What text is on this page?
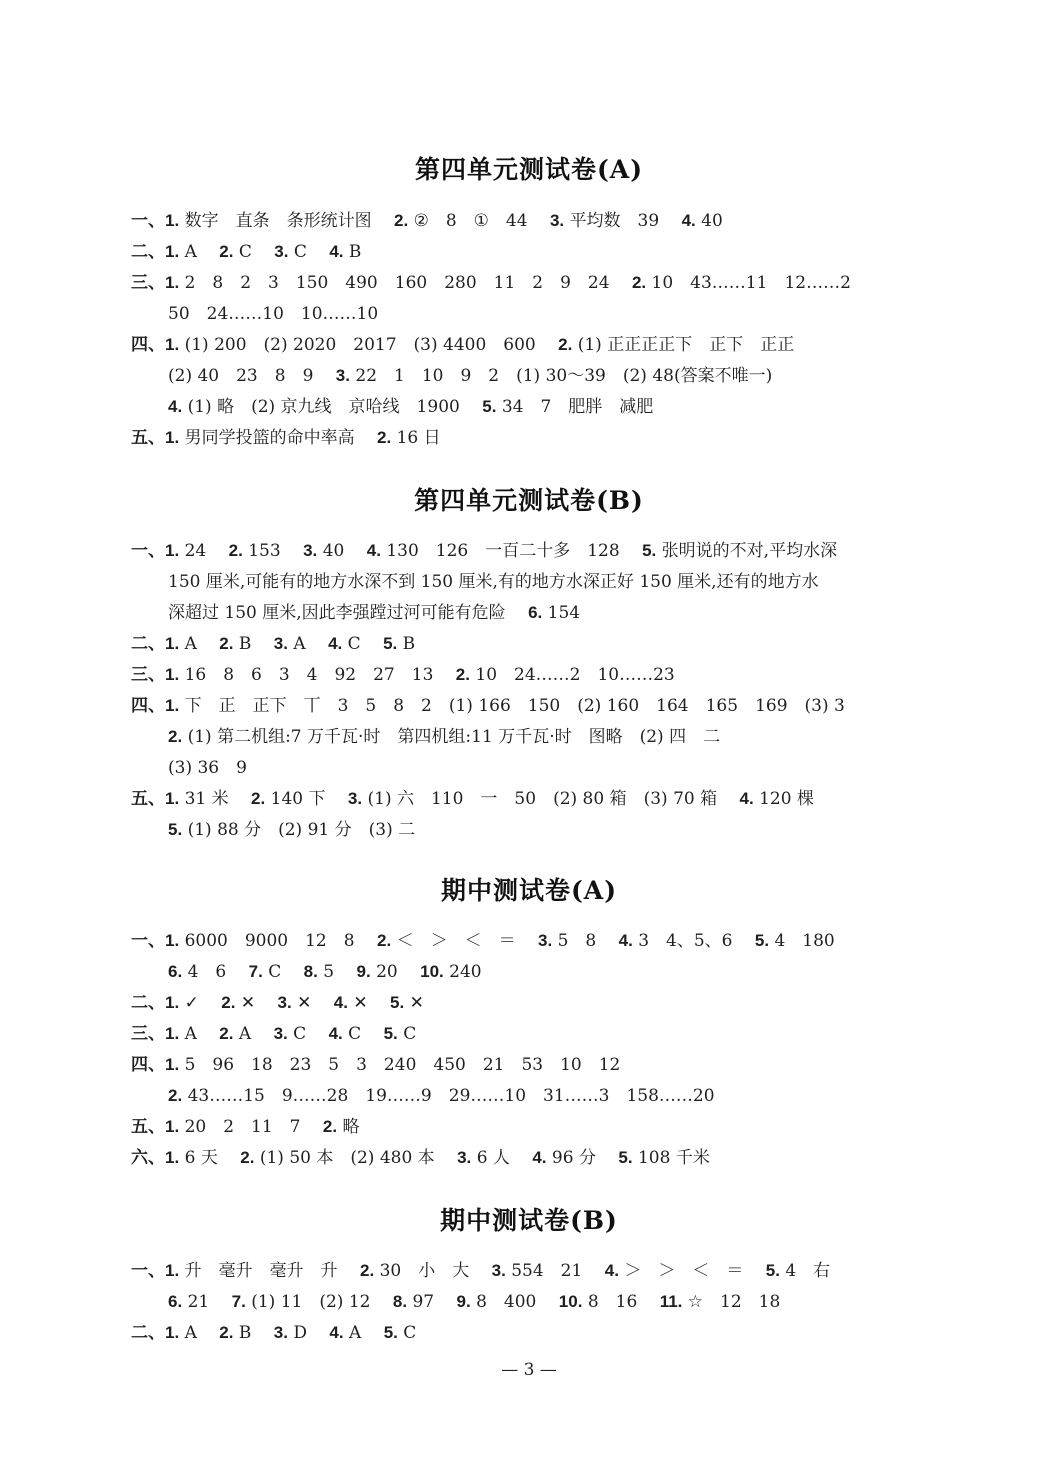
第四单元测试卷(A)
一、1. 数字　直条　条形统计图　 2. ②　8　①　44　 3. 平均数　39　 4. 40
二、1. A　 2. C　 3. C　 4. B
三、1. 2　8　2　3　150　490　160　280　11　2　9　24　 2. 10　43……11　12……2
50　24……10　10……10
四、1. (1) 200　(2) 2020　2017　(3) 4400　600　 2. (1) 正正正正下　正下　正正
(2) 40　23　8　9　 3. 22　1　10　9　2　(1) 30～39　(2) 48(答案不唯一)
4. (1) 略　(2) 京九线　京哈线　1900　 5. 34　7　肥胖　减肥
五、1. 男同学投篮的命中率高　 2. 16 日
第四单元测试卷(B)
一、1. 24　 2. 153　 3. 40　 4. 130　126　一百二十多　128　 5. 张明说的不对,平均水深
150 厘米,可能有的地方水深不到 150 厘米,有的地方水深正好 150 厘米,还有的地方水
深超过 150 厘米,因此李强蹚过河可能有危险　 6. 154
二、1. A　 2. B　 3. A　 4. C　 5. B
三、1. 16　8　6　3　4　92　27　13　 2. 10　24……2　10……23
四、1. 下　正　正下　丅　3　5　8　2　(1) 166　150　(2) 160　164　165　169　(3) 3
2. (1) 第二机组:7 万千瓦·时　第四机组:11 万千瓦·时　图略　(2) 四　二
(3) 36　9
五、1. 31 米　 2. 140 下　 3. (1) 六　110　一　50　(2) 80 箱　(3) 70 箱　 4. 120 棵
5. (1) 88 分　(2) 91 分　(3) 二
期中测试卷(A)
一、1. 6000　9000　12　8　 2. ＜　＞　＜　＝　 3. 5　8　 4. 3　4、5、6　 5. 4　180
6. 4　6　 7. C　 8. 5　 9. 20　 10. 240
二、1. ✓　 2. ✕　 3. ✕　 4. ✕　 5. ✕
三、1. A　 2. A　 3. C　 4. C　 5. C
四、1. 5　96　18　23　5　3　240　450　21　53　10　12
2. 43……15　9……28　19……9　29……10　31……3　158……20
五、1. 20　2　11　7　 2. 略
六、1. 6 天　 2. (1) 50 本　(2) 480 本　 3. 6 人　 4. 96 分　 5. 108 千米
期中测试卷(B)
一、1. 升　毫升　毫升　升　 2. 30　小　大　 3. 554　21　 4. ＞　＞　＜　＝　 5. 4　右
6. 21　 7. (1) 11　(2) 12　 8. 97　 9. 8　400　 10. 8　16　 11. ☆　12　18
二、1. A　 2. B　 3. D　 4. A　 5. C
— 3 —
